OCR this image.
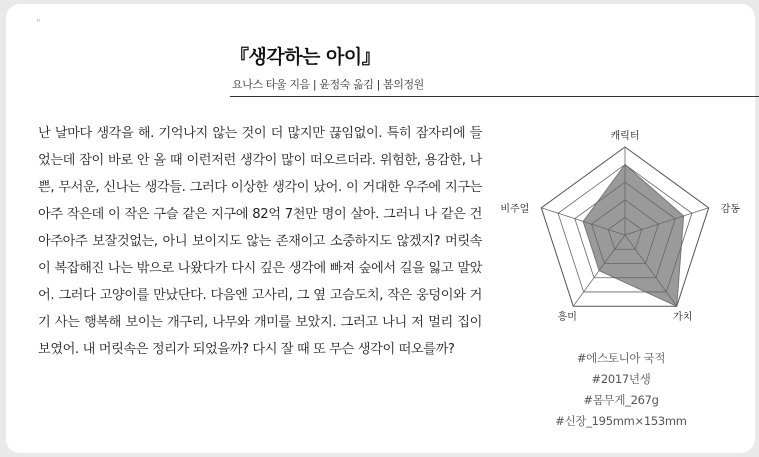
"
『생각하는 아이』
요나스 타울 지음 | 윤정숙 옮김 | 봄의정원

난 날마다 생각을 해. 기억나지 않는 것이 더 많지만 끊임없이. 특히 잠자리에 들었는데 잠이 바로 안 올 때 이런저런 생각이 많이 떠오르더라. 위험한, 용감한, 나쁜, 무서운, 신나는 생각들. 그러다 이상한 생각이 났어. 이 거대한 우주에 지구는 아주 작은데 이 작은 구슬 같은 지구에 82억 7천만 명이 살아. 그러니 나 같은 건 아주아주 보잘것없는, 아니 보이지도 않는 존재이고 소중하지도 않겠지? 머릿속이 복잡해진 나는 밖으로 나왔다가 다시 깊은 생각에 빠져 숲에서 길을 잃고 말았어. 그러다 고양이를 만났단다. 다음엔 고사리, 그 옆 고슴도치, 작은 웅덩이와 거기 사는 행복해 보이는 개구리, 나무와 개미를 보았지. 그러고 나니 저 멀리 집이 보였어. 내 머릿속은 정리가 되었을까? 다시 잘 때 또 무슨 생각이 떠오를까?

캐릭터
감동
가치
흥미
비주얼
#에스토니아 국적
#2017년생
#몸무게_267g
#신장_195mm×153mm
